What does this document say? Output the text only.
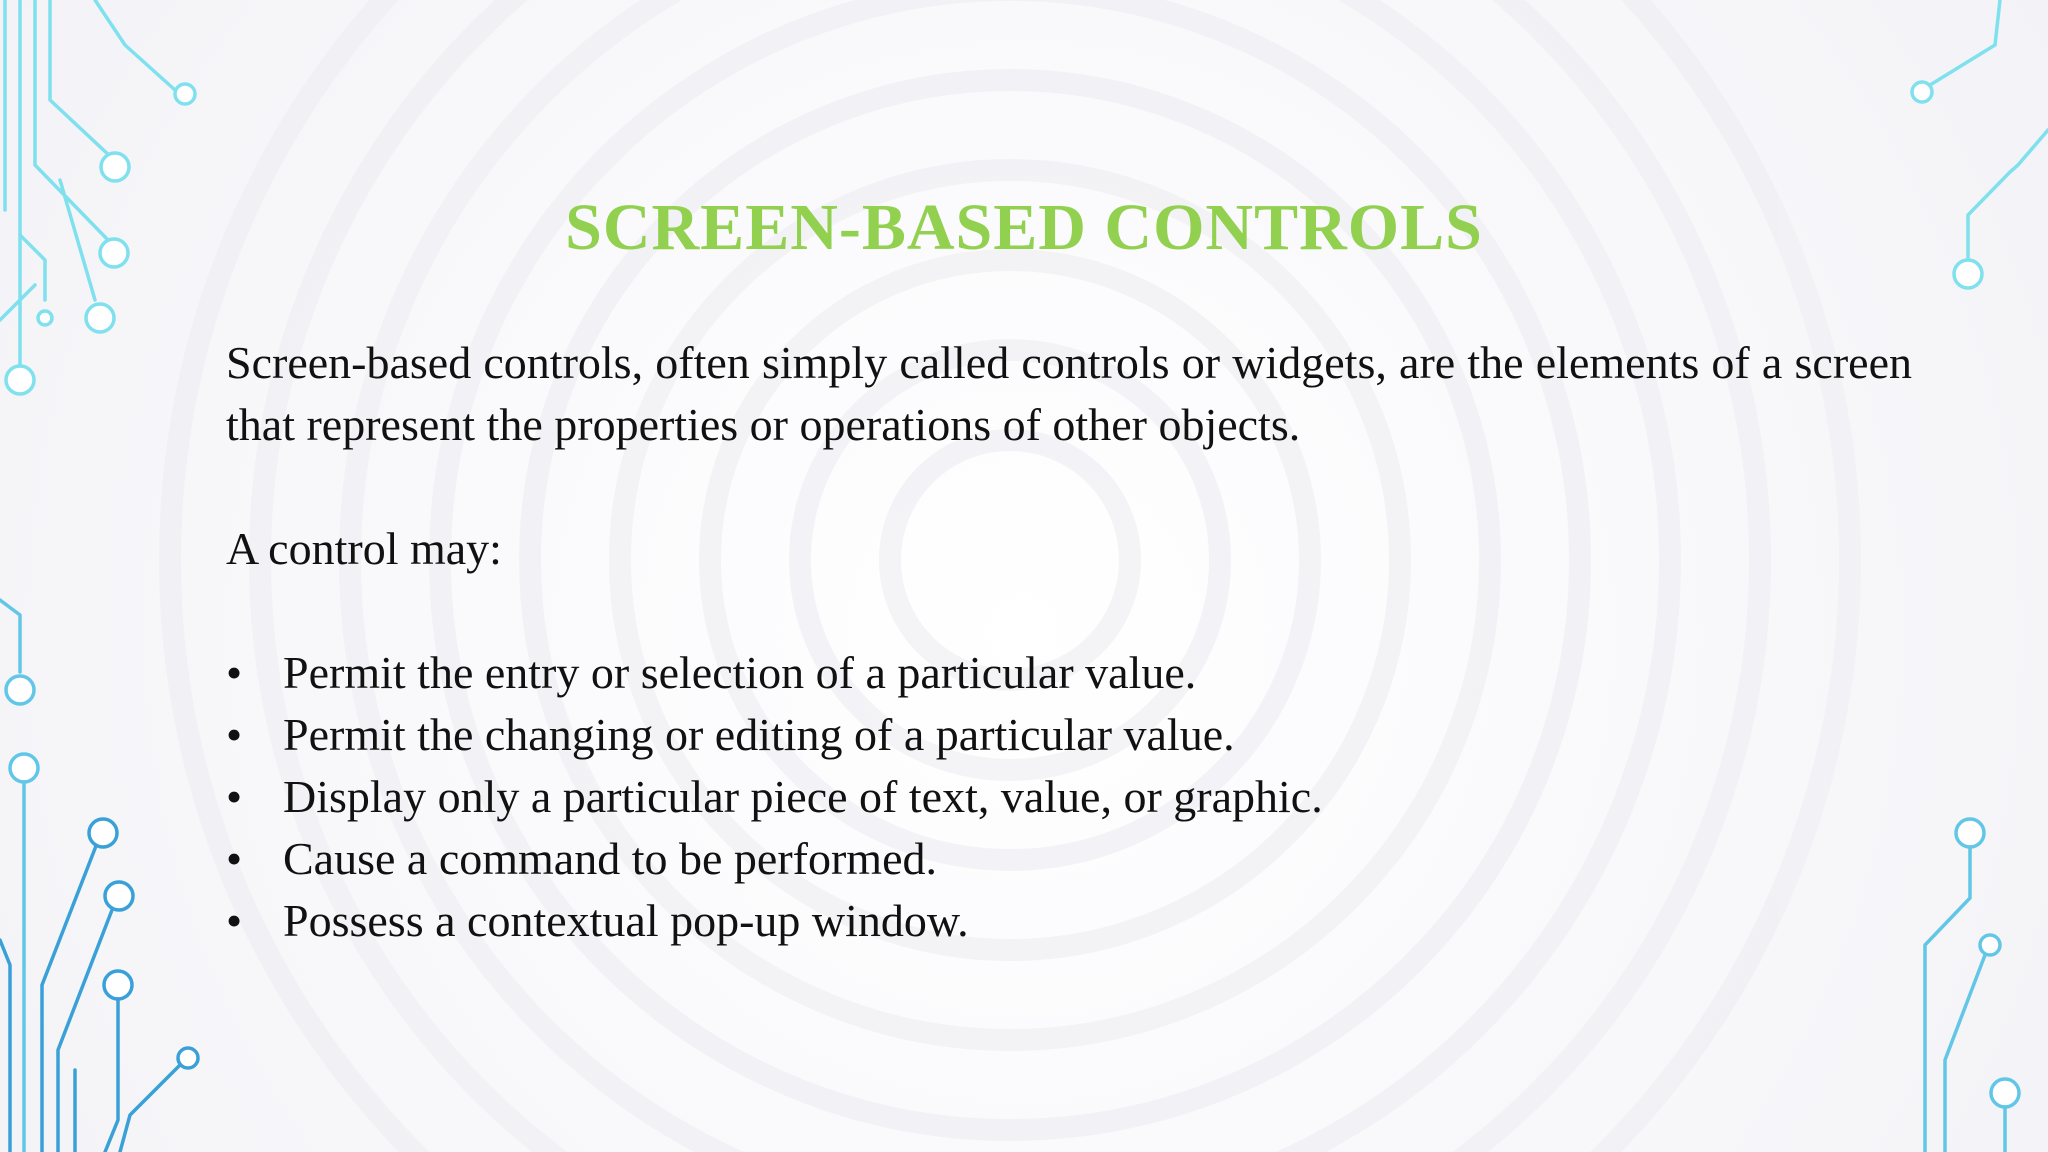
SCREEN-BASED CONTROLS

Screen-based controls, often simply called controls or widgets, are the elements of a screen that represent the properties or operations of other objects.

A control may:

• Permit the entry or selection of a particular value.
• Permit the changing or editing of a particular value.
• Display only a particular piece of text, value, or graphic.
• Cause a command to be performed.
• Possess a contextual pop-up window.
